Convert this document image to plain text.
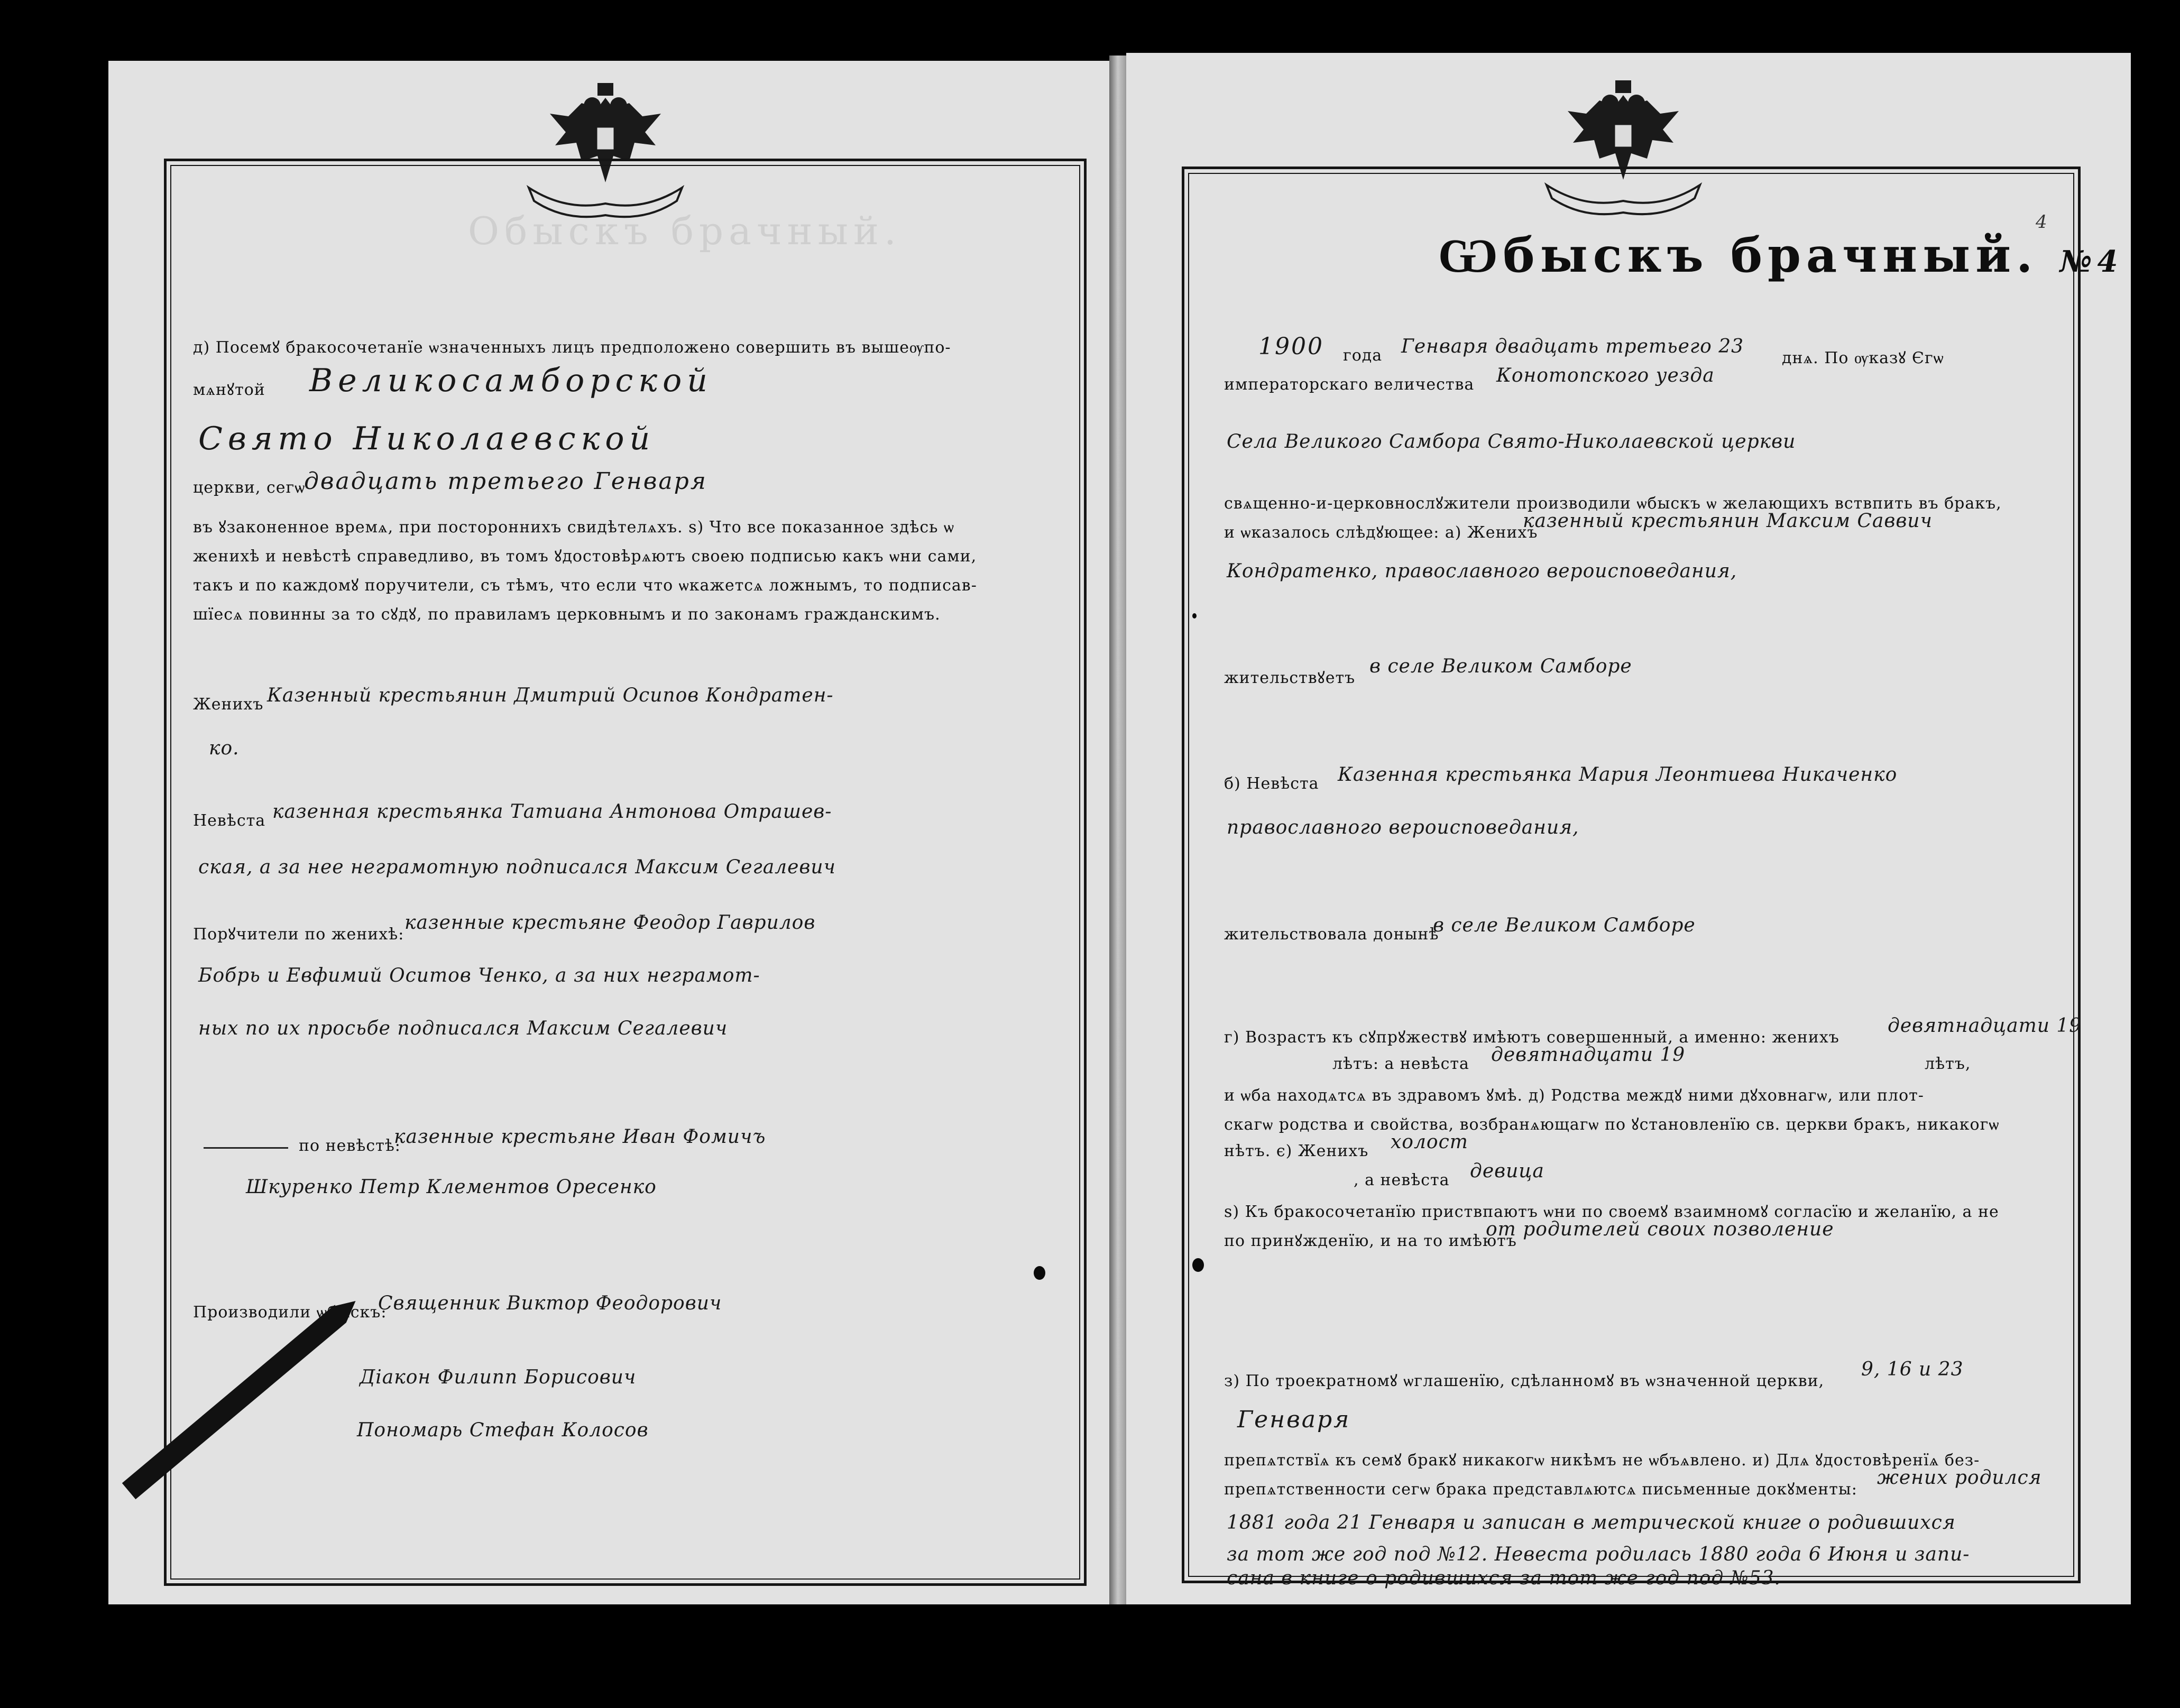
Обыскъ брачный.
д) Посемꙋ бракосочетанїе ѡзначенныхъ лицъ предположено совершить въ вышеѹпо-
мѧнꙋтой Великосамборской
Свято Николаевской
церкви, сегѡ
двадцать третьего Генваря
въ ꙋзаконенное времѧ, при постороннихъ свидѣтелѧхъ. ѕ) Что все показанное здѣсь ѡ
женихѣ и невѣстѣ справедливо, въ томъ ꙋдостовѣрѧютъ своею подписью какъ ѡни сами,
такъ и по каждомꙋ поручители, съ тѣмъ, что если что ѡкажетсѧ ложнымъ, то подписав-
шїесѧ повинны за то сꙋдꙋ, по правиламъ церковнымъ и по законамъ гражданскимъ.
Женихъ Казенный крестьянин Дмитрий Осипов Кондратен-
ко.
Невѣста казенная крестьянка Татиана Антонова Отрашев-
ская, а за нее неграмотную подписался Максим Сегалевич
Порꙋчители по женихѣ:
казенные крестьяне Феодор Гаврилов
Бобрь и Евфимий Оситов Ченко, а за них неграмот-
ных по их просьбе подписался Максим Сегалевич
по невѣстѣ:
казенные крестьяне Иван Фомичъ
Шкуренко Петр Клементов Оресенко
Производили ѡбыскъ:
Священник Виктор Феодорович
Діакон Филипп Борисович
Пономарь Стефан Колосов
4
Ѡбыскъ брачный. №4
1900 года Генваря двадцать третьего 23
днѧ. По ѹказꙋ Єгѡ
императорскаго величества Конотопского уезда
Села Великого Самбора Свято-Николаевской церкви
свѧщенно-и-церковнослꙋжители производили ѡбыскъ ѡ желающихъ вствпить въ бракъ,
и ѡказалось слѣдꙋющее: а) Женихъ
казенный крестьянин Максим Саввич
Кондратенко, православного вероисповедания,
жительствꙋетъ
в селе Великом Самборе
б) Невѣста Казенная крестьянка Мария Леонтиева Никаченко
православного вероисповедания,
жительствовала донынѣ
в селе Великом Самборе
г) Возрастъ къ сꙋпрꙋжествꙋ имѣютъ совершенный, а именно: женихъ
девятнадцати 19
лѣтъ: а невѣста девятнадцати 19	лѣтъ,
и ѡба находѧтсѧ въ здравомъ ꙋмѣ. д) Родства междꙋ ними дꙋховнагѡ, или плот-
скагѡ родства и свойства, возбранѧющагѡ по ꙋстановленїю св. церкви бракъ, никакогѡ
нѣтъ. є) Женихъ холост
, а невѣста девица
ѕ) Къ бракосочетанїю приствпаютъ ѡни по своемꙋ взаимномꙋ согласїю и желанїю, а не
по принꙋжденїю, и на то имѣютъ
от родителей своих позволение
з) По троекратномꙋ ѡглашенїю, сдѣланномꙋ въ ѡзначенной церкви,
9, 16 и 23
Генваря
препѧтствїѧ къ семꙋ бракꙋ никакогѡ никѣмъ не ѡбъѧвлено. и) Длѧ ꙋдостовѣренїѧ без-
препѧтственности сегѡ брака представлѧютсѧ письменные докꙋменты:
жених родился
1881 года 21 Генваря и записан в метрической книге о родившихся
за тот же год под №12. Невеста родилась 1880 года 6 Июня и запи-
сана в книге о родившихся за тот же год под №53.
